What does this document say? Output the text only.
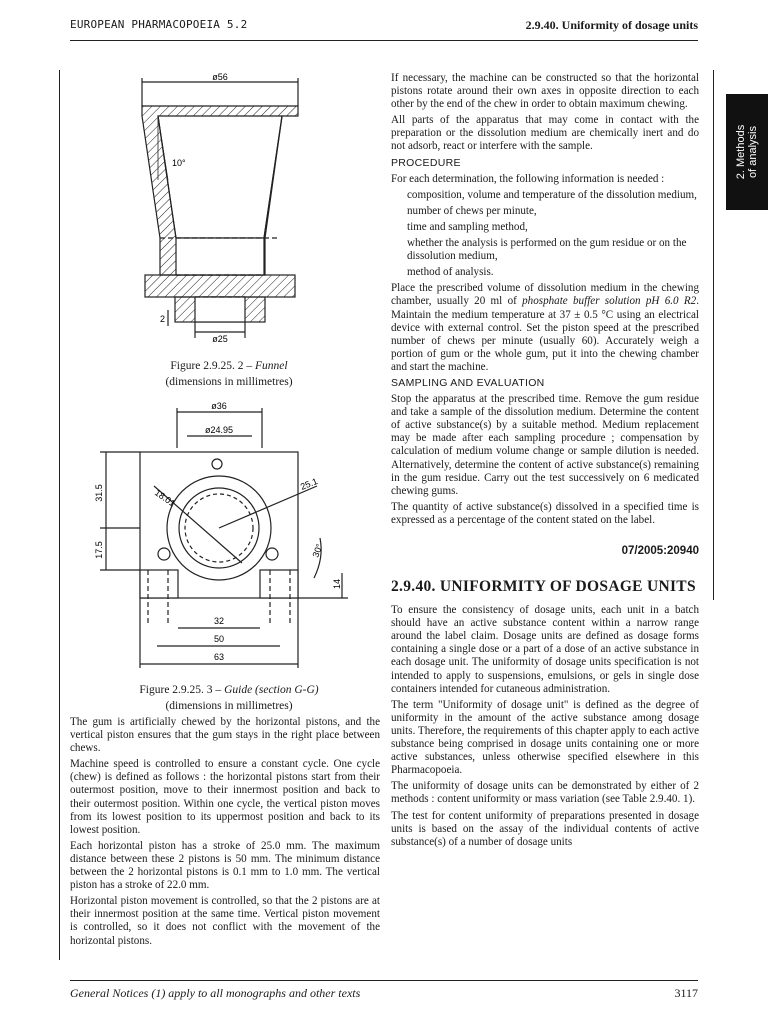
EUROPEAN PHARMACOPOEIA 5.2	2.9.40. Uniformity of dosage units
2. Methods
of analysis
ø56
10°
ø25
2
Figure 2.9.25. 2 – Funnel
(dimensions in millimetres)
ø36
ø24.95
31.5
17.5
18.01
25.1
30°
14
32
50
63
Figure 2.9.25. 3 – Guide (section G-G)
(dimensions in millimetres)

The gum is artificially chewed by the horizontal pistons, and the vertical piston ensures that the gum stays in the right place between chews.

Machine speed is controlled to ensure a constant cycle. One cycle (chew) is defined as follows : the horizontal pistons start from their outermost position, move to their innermost position and back to their outermost position. Within one cycle, the vertical piston moves from its lowest position to its uppermost position and back to its lowest position.

Each horizontal piston has a stroke of 25.0 mm. The maximum distance between these 2 pistons is 50 mm. The minimum distance between the 2 horizontal pistons is 0.1 mm to 1.0 mm. The vertical piston has a stroke of 22.0 mm.

Horizontal piston movement is controlled, so that the 2 pistons are at their innermost position at the same time. Vertical piston movement is controlled, so it does not conflict with the movement of the horizontal pistons.

If necessary, the machine can be constructed so that the horizontal pistons rotate around their own axes in opposite direction to each other by the end of the chew in order to obtain maximum chewing.

All parts of the apparatus that may come in contact with the preparation or the dissolution medium are chemically inert and do not adsorb, react or interfere with the sample.

PROCEDURE

For each determination, the following information is needed :

composition, volume and temperature of the dissolution medium,
number of chews per minute,
time and sampling method,
whether the analysis is performed on the gum residue or on the dissolution medium,
method of analysis.

Place the prescribed volume of dissolution medium in the chewing chamber, usually 20 ml of phosphate buffer solution pH 6.0 R2. Maintain the medium temperature at 37 ± 0.5 °C using an electrical device with external control. Set the piston speed at the prescribed number of chews per minute (usually 60). Accurately weigh a portion of gum or the whole gum, put it into the chewing chamber and start the machine.

SAMPLING AND EVALUATION

Stop the apparatus at the prescribed time. Remove the gum residue and take a sample of the dissolution medium. Determine the content of active substance(s) by a suitable method. Medium replacement may be made after each sampling procedure ; compensation by calculation of medium volume change or sample dilution is needed. Alternatively, determine the content of active substance(s) remaining in the gum residue. Carry out the test successively on 6 medicated chewing gums.

The quantity of active substance(s) dissolved in a specified time is expressed as a percentage of the content stated on the label.

07/2005:20940
2.9.40. UNIFORMITY OF DOSAGE UNITS

To ensure the consistency of dosage units, each unit in a batch should have an active substance content within a narrow range around the label claim. Dosage units are defined as dosage forms containing a single dose or a part of a dose of an active substance in each dosage unit. The uniformity of dosage units specification is not intended to apply to suspensions, emulsions, or gels in single dose containers intended for cutaneous administration.

The term "Uniformity of dosage unit" is defined as the degree of uniformity in the amount of the active substance among dosage units. Therefore, the requirements of this chapter apply to each active substance being comprised in dosage units containing one or more active substances, unless otherwise specified elsewhere in this Pharmacopoeia.

The uniformity of dosage units can be demonstrated by either of 2 methods : content uniformity or mass variation (see Table 2.9.40. 1).

The test for content uniformity of preparations presented in dosage units is based on the assay of the individual contents of active substance(s) of a number of dosage units

General Notices (1) apply to all monographs and other texts	3117
